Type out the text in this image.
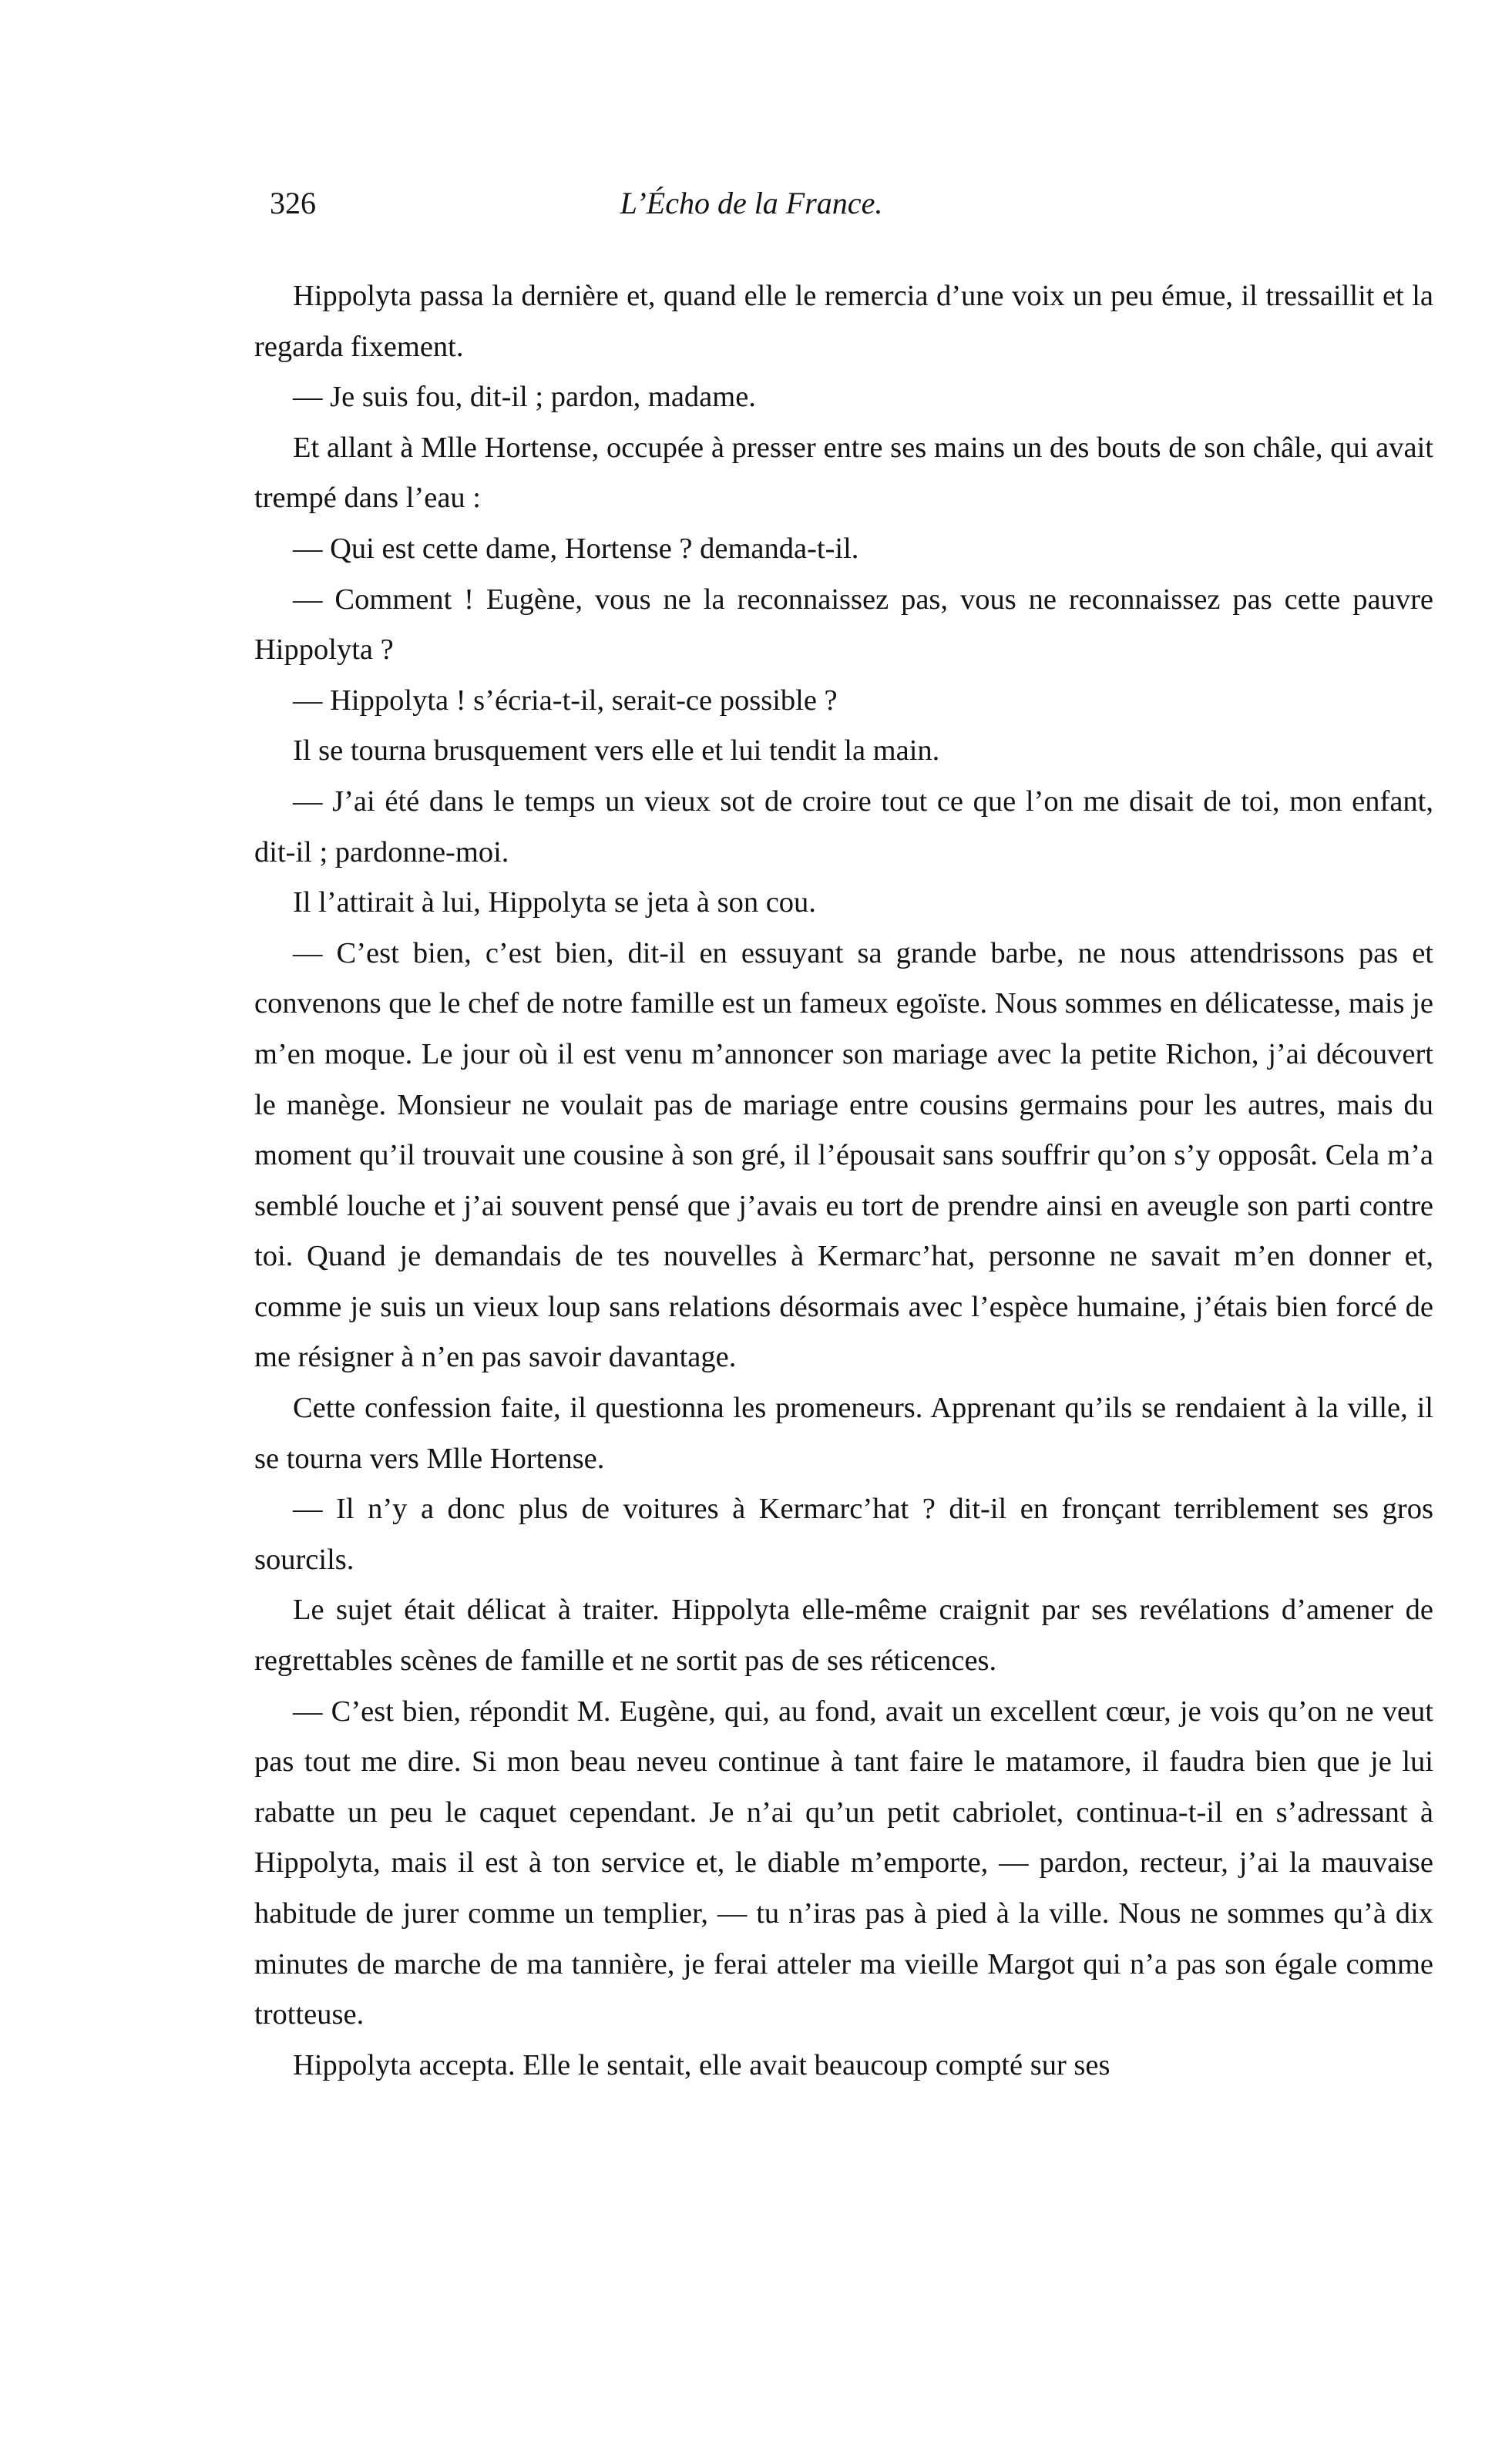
326	L’Écho de la France.

Hippolyta passa la dernière et, quand elle le remercia d’une voix un peu émue, il tressaillit et la regarda fixement.

— Je suis fou, dit-il ; pardon, madame.

Et allant à Mlle Hortense, occupée à presser entre ses mains un des bouts de son châle, qui avait trempé dans l’eau :

— Qui est cette dame, Hortense ? demanda-t-il.

— Comment ! Eugène, vous ne la reconnaissez pas, vous ne reconnaissez pas cette pauvre Hippolyta ?

— Hippolyta ! s’écria-t-il, serait-ce possible ?

Il se tourna brusquement vers elle et lui tendit la main.

— J’ai été dans le temps un vieux sot de croire tout ce que l’on me disait de toi, mon enfant, dit-il ; pardonne-moi.

Il l’attirait à lui, Hippolyta se jeta à son cou.

— C’est bien, c’est bien, dit-il en essuyant sa grande barbe, ne nous attendrissons pas et convenons que le chef de notre famille est un fameux egoïste. Nous sommes en délicatesse, mais je m’en moque. Le jour où il est venu m’annoncer son mariage avec la petite Richon, j’ai découvert le manège. Monsieur ne voulait pas de mariage entre cousins germains pour les autres, mais du moment qu’il trouvait une cousine à son gré, il l’épousait sans souffrir qu’on s’y opposât. Cela m’a semblé louche et j’ai souvent pensé que j’avais eu tort de prendre ainsi en aveugle son parti contre toi. Quand je demandais de tes nouvelles à Kermarc’hat, personne ne savait m’en donner et, comme je suis un vieux loup sans relations désormais avec l’espèce humaine, j’étais bien forcé de me résigner à n’en pas savoir davantage.

Cette confession faite, il questionna les promeneurs. Apprenant qu’ils se rendaient à la ville, il se tourna vers Mlle Hortense.

— Il n’y a donc plus de voitures à Kermarc’hat ? dit-il en fronçant terriblement ses gros sourcils.

Le sujet était délicat à traiter. Hippolyta elle-même craignit par ses revélations d’amener de regrettables scènes de famille et ne sortit pas de ses réticences.

— C’est bien, répondit M. Eugène, qui, au fond, avait un excellent cœur, je vois qu’on ne veut pas tout me dire. Si mon beau neveu continue à tant faire le matamore, il faudra bien que je lui rabatte un peu le caquet cependant. Je n’ai qu’un petit cabriolet, continua-t-il en s’adressant à Hippolyta, mais il est à ton service et, le diable m’emporte, — pardon, recteur, j’ai la mauvaise habitude de jurer comme un templier, — tu n’iras pas à pied à la ville. Nous ne sommes qu’à dix minutes de marche de ma tannière, je ferai atteler ma vieille Margot qui n’a pas son égale comme trotteuse.

Hippolyta accepta. Elle le sentait, elle avait beaucoup compté sur ses
